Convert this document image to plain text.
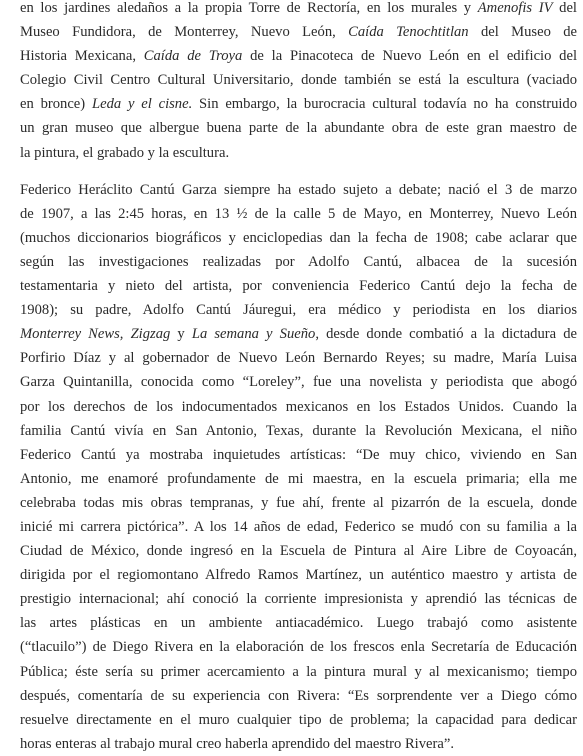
en los jardines aledaños a la propia Torre de Rectoría, en los murales y Amenofis IV del
Museo Fundidora, de Monterrey, Nuevo León, Caída Tenochtitlan del Museo de
Historia Mexicana, Caída de Troya de la Pinacoteca de Nuevo León en el edificio del
Colegio Civil Centro Cultural Universitario, donde también se está la escultura (vaciado
en bronce) Leda y el cisne. Sin embargo, la burocracia cultural todavía no ha construido
un gran museo que albergue buena parte de la abundante obra de este gran maestro de
la pintura, el grabado y la escultura.
Federico Heráclito Cantú Garza siempre ha estado sujeto a debate; nació el 3 de marzo
de 1907, a las 2:45 horas, en 13 ½ de la calle 5 de Mayo, en Monterrey, Nuevo León
(muchos diccionarios biográficos y enciclopedias dan la fecha de 1908; cabe aclarar que
según las investigaciones realizadas por Adolfo Cantú, albacea de la sucesión
testamentaria y nieto del artista, por conveniencia Federico Cantú dejo la fecha de
1908); su padre, Adolfo Cantú Jáuregui, era médico y periodista en los diarios
Monterrey News, Zigzag y La semana y Sueño, desde donde combatió a la dictadura de
Porfirio Díaz y al gobernador de Nuevo León Bernardo Reyes; su madre, María Luisa
Garza Quintanilla, conocida como “Loreley”, fue una novelista y periodista que abogó
por los derechos de los indocumentados mexicanos en los Estados Unidos. Cuando la
familia Cantú vivía en San Antonio, Texas, durante la Revolución Mexicana, el niño
Federico Cantú ya mostraba inquietudes artísticas: “De muy chico, viviendo en San
Antonio, me enamoré profundamente de mi maestra, en la escuela primaria; ella me
celebraba todas mis obras tempranas, y fue ahí, frente al pizarrón de la escuela, donde
inicié mi carrera pictórica”. A los 14 años de edad, Federico se mudó con su familia a la
Ciudad de México, donde ingresó en la Escuela de Pintura al Aire Libre de Coyoacán,
dirigida por el regiomontano Alfredo Ramos Martínez, un auténtico maestro y artista de
prestigio internacional; ahí conoció la corriente impresionista y aprendió las técnicas de
las artes plásticas en un ambiente antiacadémico. Luego trabajó como asistente
(“tlacuilo”) de Diego Rivera en la elaboración de los frescos enla Secretaría de Educación
Pública; éste sería su primer acercamiento a la pintura mural y al mexicanismo; tiempo
después, comentaría de su experiencia con Rivera: “Es sorprendente ver a Diego cómo
resuelve directamente en el muro cualquier tipo de problema; la capacidad para dedicar
horas enteras al trabajo mural creo haberla aprendido del maestro Rivera”.
